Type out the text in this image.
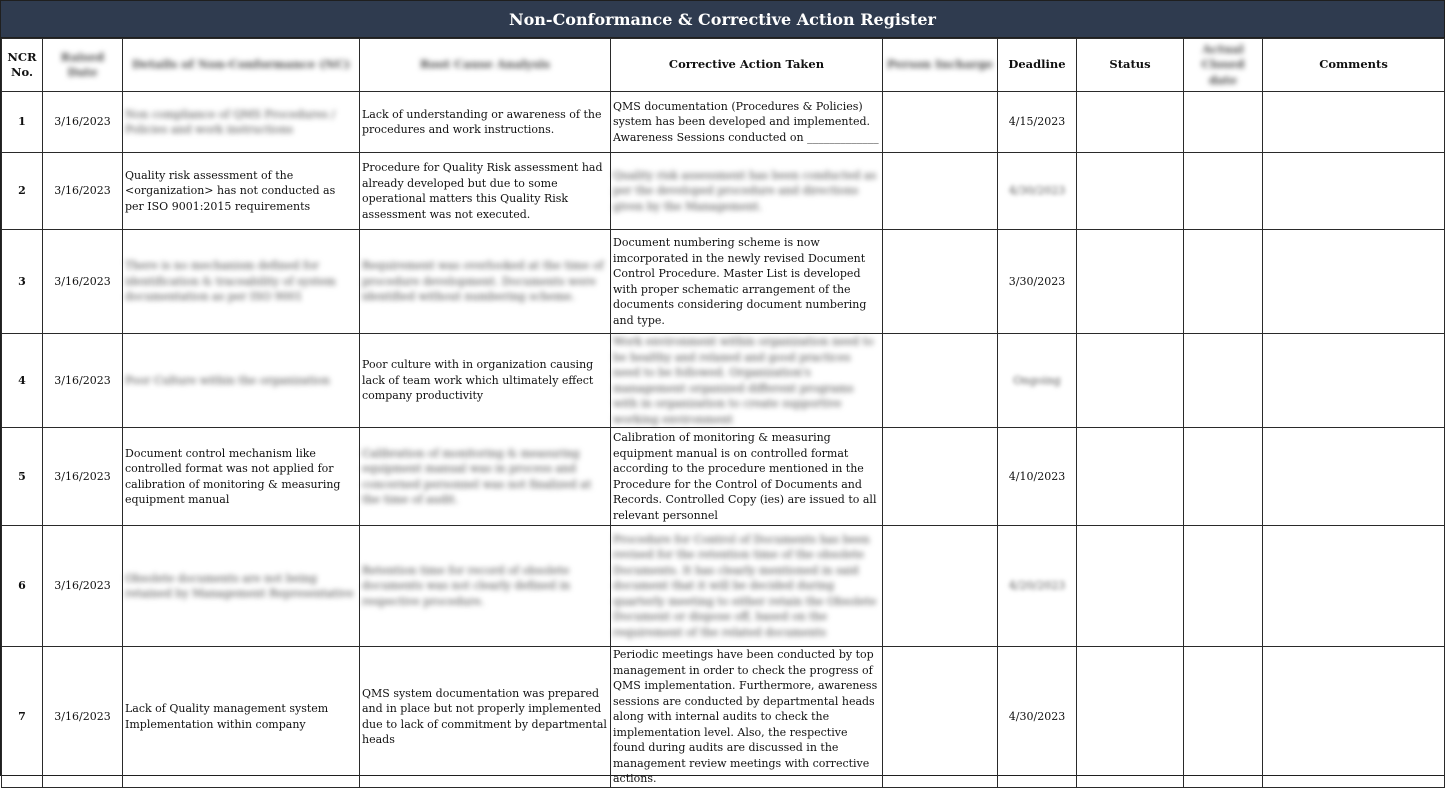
Non-Conformance & Corrective Action Register
NCR No.	Raised Date	Details of Non-Conformance (NC)	Root Cause Analysis	Corrective Action Taken	Person Incharge	Deadline	Status	Actual Closed date	Comments
1	3/16/2023	Non compliance of QMS Procedures / Policies and work instructions	Lack of understanding or awareness of the procedures and work instructions.	QMS documentation (Procedures & Policies) system has been developed and implemented. Awareness Sessions conducted on _____________		4/15/2023			
2	3/16/2023	Quality risk assessment of the <organization> has not conducted as per ISO 9001:2015 requirements	Procedure for Quality Risk assessment had already developed but due to some operational matters this Quality Risk assessment was not executed.	Quality risk assessment has been conducted as per the developed procedure and directions given by the Management.		4/30/2023			
3	3/16/2023	There is no mechanism defined for identification & traceability of system documentation as per ISO 9001	Requirement was overlooked at the time of procedure development. Documents were identified without numbering scheme.	Document numbering scheme is now imcorporated in the newly revised Document Control Procedure. Master List is developed with proper schematic arrangement of the documents considering document numbering and type.		3/30/2023			
4	3/16/2023	Poor Culture within the organization	Poor culture with in organization causing lack of team work which ultimately effect company productivity	Work environment within organization need to be healthy and relaxed and good practices need to be followed. Organization's management organized different programs with in organization to create supportive working environment		Ongoing			
5	3/16/2023	Document control mechanism like controlled format was not applied for calibration of monitoring & measuring equipment manual	Calibration of monitoring & measuring equipment manual was in process and concerned personnel was not finalized at the time of audit.	Calibration of monitoring & measuring equipment manual is on controlled format according to the procedure mentioned in the Procedure for the Control of Documents and Records. Controlled Copy (ies) are issued to all relevant personnel		4/10/2023			
6	3/16/2023	Obsolete documents are not being retained by Management Representative	Retention time for record of obsolete documents was not clearly defined in respective procedure.	Procedure for Control of Documents has been revised for the retention time of the obsolete Documents. It has clearly mentioned in said document that it will be decided during quarterly meeting to either retain the Obsolete Document or dispose off, based on the requirement of the related documents		4/20/2023			
7	3/16/2023	Lack of Quality management system Implementation within company	QMS system documentation was prepared and in place but not properly implemented due to lack of commitment by departmental heads	Periodic meetings have been conducted by top management in order to check the progress of QMS implementation. Furthermore, awareness sessions are conducted by departmental heads along with internal audits to check the implementation level. Also, the respective found during audits are discussed in the management review meetings with corrective actions.		4/30/2023			
